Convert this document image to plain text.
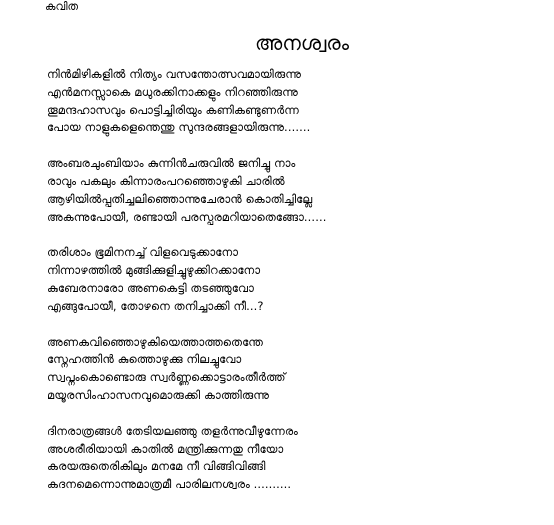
കവിത
അനശ്വരം
നിൻമിഴികളിൽ നിത്യം വസന്തോത്സവമായിരുന്നു
എൻമനസ്സാകെ മധുരക്കിനാക്കളും നിറഞ്ഞിരുന്നു
തൂമന്ദഹാസവും പൊട്ടിച്ചിരിയും കണികണ്ടുണർന്ന
പോയ നാളുകളെന്തെന്തു സുന്ദരങ്ങളായിരുന്നു.......
അംബരചുംബിയാം കുന്നിൻചരുവിൽ ജനിച്ചു നാം
രാവും പകലും കിന്നാരംപറഞ്ഞൊഴുകി ചാരിൽ
ആഴിയിൽപ്പതിച്ചലിഞ്ഞൊന്നുചേരാൻ കൊതിച്ചില്ലേ
അകന്നുപോയീ, രണ്ടായി പരസ്പരമറിയാതെങ്ങോ......
തരിശാം ഭൂമിനനച്ച് വിളവെടുക്കാനോ
നിന്നാഴത്തിൽ മുങ്ങിക്കുളിച്ചുഴുക്കിറക്കാനോ
കുബേരനാരോ അണകെട്ടി തടഞ്ഞുവോ
എങ്ങുപോയീ, തോഴനെ തനിച്ചാക്കി നീ...?
അണകവിഞ്ഞൊഴുകിയെത്താത്തതെന്തേ
സ്നേഹത്തിൻ കുത്തൊഴുക്കു നിലച്ചുവോ
സ്വപ്നംകൊണ്ടൊരു സ്വർണ്ണക്കൊട്ടാരംതീർത്ത്
മയൂരസിംഹാസനവുമൊരുക്കി കാത്തിരുന്നു
ദിനരാത്രങ്ങൾ തേടിയലഞ്ഞു തളർന്നുവീഴുന്നേരം
അശരീരിയായി കാതിൽ മന്ത്രിക്കുന്നതു നീയോ
കരയരുതെരികിലും മനമേ നീ വിങ്ങിവിങ്ങി
കദനമെന്നൊന്നുമാത്രമീ പാരിലനശ്വരം ..........
